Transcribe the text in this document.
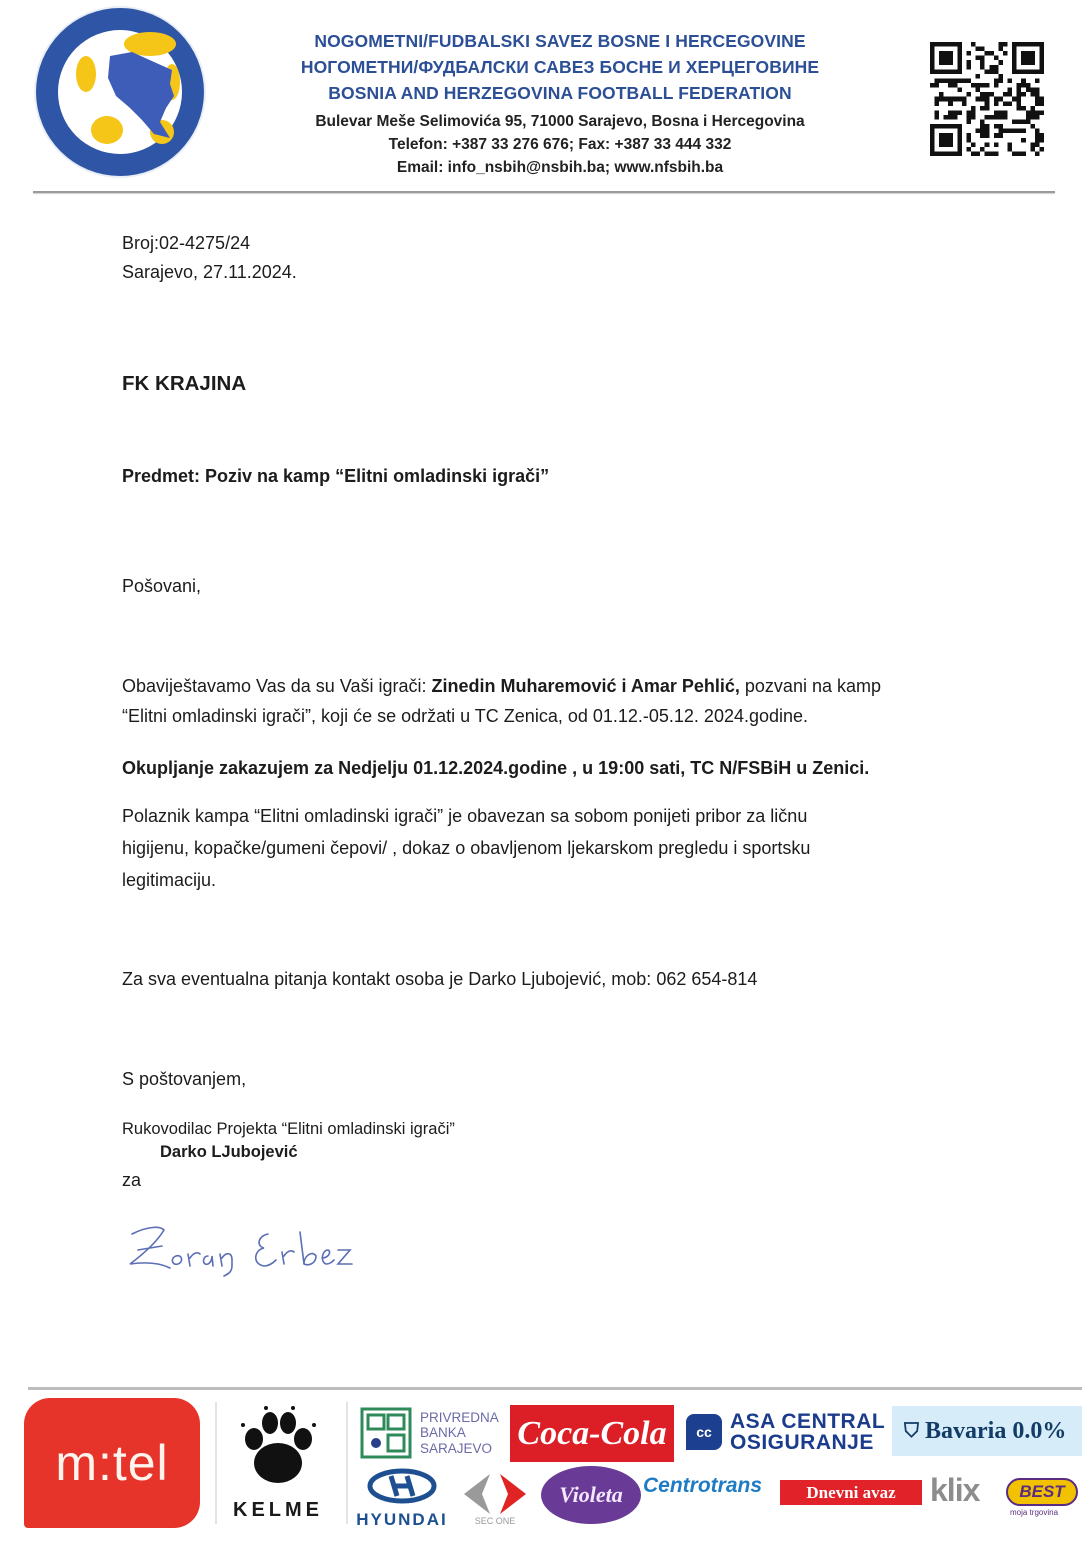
NOGOMETNI/FUDBALSKI SAVEZ BOSNE I HERCEGOVINE
НОГОМЕТНИ/ФУДБАЛСКИ САВЕЗ БОСНЕ И ХЕРЦЕГОВИНЕ
BOSNIA AND HERZEGOVINA FOOTBALL FEDERATION
Bulevar Meše Selimovića 95, 71000 Sarajevo, Bosna i Hercegovina
Telefon: +387 33 276 676; Fax: +387 33 444 332
Email: info_nsbih@nsbih.ba; www.nfsbih.ba
Broj:02-4275/24
Sarajevo, 27.11.2024.
FK KRAJINA
Predmet: Poziv na kamp “Elitni omladinski igrači”
Pošovani,
Obaviještavamo Vas da su Vaši igrači: Zinedin Muharemović i Amar Pehlić, pozvani na kamp
“Elitni omladinski igrači”, koji će se održati u TC Zenica, od 01.12.-05.12. 2024.godine.
Okupljanje zakazujem za Nedjelju 01.12.2024.godine , u 19:00 sati, TC N/FSBiH u Zenici.
Polaznik kampa “Elitni omladinski igrači” je obavezan sa sobom ponijeti pribor za ličnu
higijenu, kopačke/gumeni čepovi/ , dokaz o obavljenom ljekarskom pregledu i sportsku
legitimaciju.
Za sva eventualna pitanja kontakt osoba je Darko Ljubojević, mob: 062 654-814
S poštovanjem,
Rukovodilac Projekta “Elitni omladinski igrači”
Darko LJubojević
za
m:tel
KELME
PRIVREDNA
BANKA
SARAJEVO Coca-Cola	cc ASA CENTRAL
OSIGURANJE
⛉ Bavaria 0.0%
HYUNDAI	SEC ONE
Violeta Centrotrans	Dnevni avaz klix BEST
moja trgovina
